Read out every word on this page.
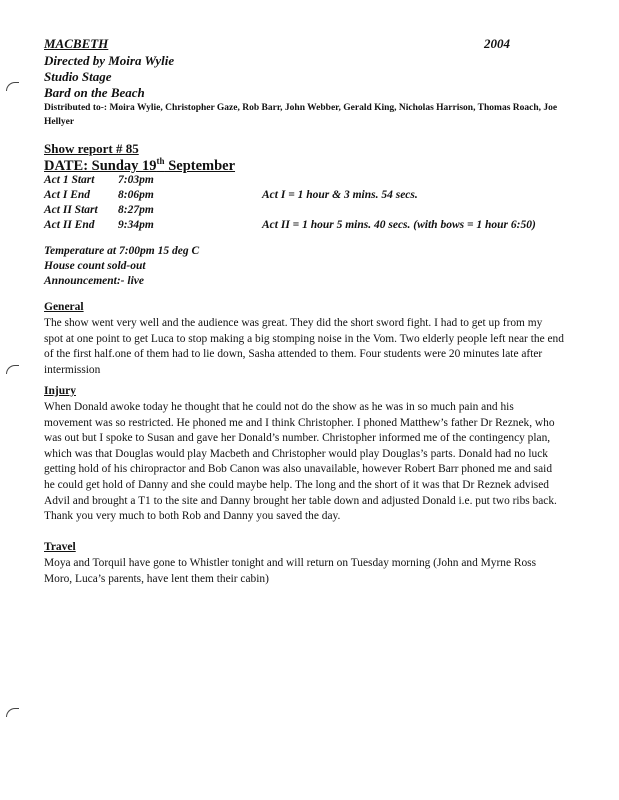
MACBETH	2004
Directed by Moira Wylie
Studio Stage
Bard on the Beach
Distributed to-: Moira Wylie, Christopher Gaze, Rob Barr, John Webber, Gerald King, Nicholas Harrison, Thomas Roach, Joe Hellyer
Show report # 85
DATE: Sunday 19th September
Act 1 Start 7:03pm
Act I End 8:06pm	Act I = 1 hour & 3 mins. 54 secs.
Act II Start 8:27pm
Act II End 9:34pm	Act II = 1 hour 5 mins. 40 secs. (with bows = 1 hour 6:50)
Temperature at 7:00pm 15 deg C
House count sold-out
Announcement:- live
General
The show went very well and the audience was great. They did the short sword fight. I had to get up from my spot at one point to get Luca to stop making a big stomping noise in the Vom. Two elderly people left near the end of the first half.one of them had to lie down, Sasha attended to them. Four students were 20 minutes late after intermission
Injury
When Donald awoke today he thought that he could not do the show as he was in so much pain and his movement was so restricted. He phoned me and I think Christopher. I phoned Matthew’s father Dr Reznek, who was out but I spoke to Susan and gave her Donald’s number. Christopher informed me of the contingency plan, which was that Douglas would play Macbeth and Christopher would play Douglas’s parts. Donald had no luck getting hold of his chiropractor and Bob Canon was also unavailable, however Robert Barr phoned me and said he could get hold of Danny and she could maybe help. The long and the short of it was that Dr Reznek advised Advil and brought a T1 to the site and Danny brought her table down and adjusted Donald i.e. put two ribs back. Thank you very much to both Rob and Danny you saved the day.
Travel
Moya and Torquil have gone to Whistler tonight and will return on Tuesday morning (John and Myrne Ross Moro, Luca’s parents, have lent them their cabin)
